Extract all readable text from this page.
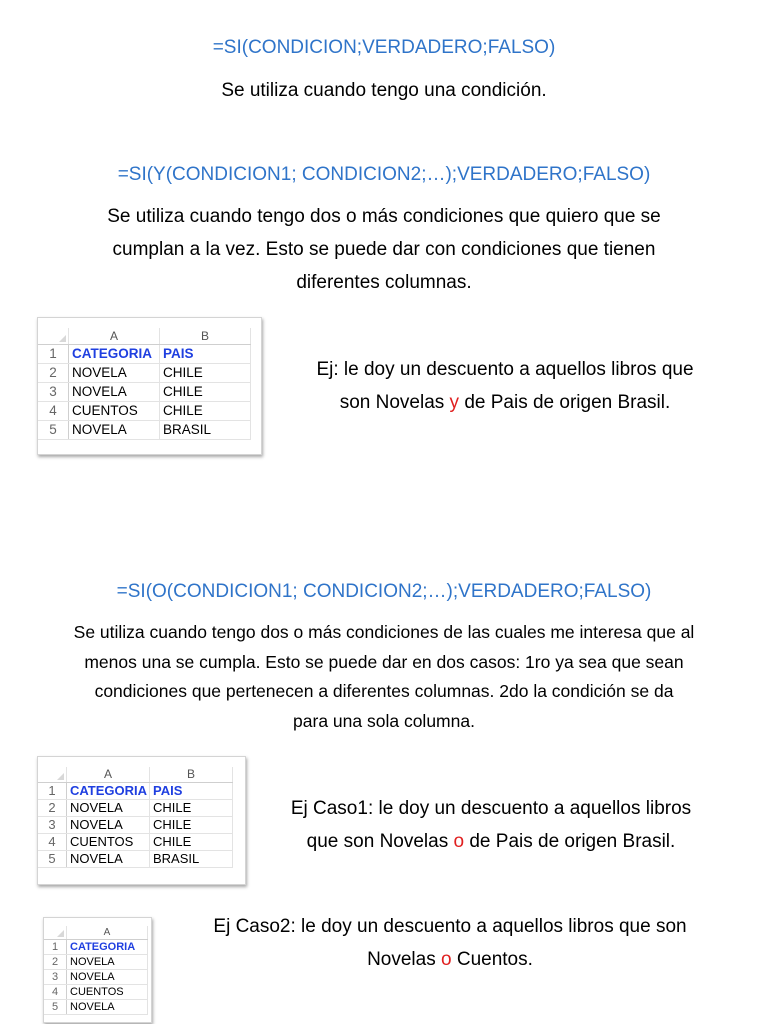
=SI(CONDICION;VERDADERO;FALSO)
Se utiliza cuando tengo una condición.
=SI(Y(CONDICION1; CONDICION2;…);VERDADERO;FALSO)
Se utiliza cuando tengo dos o más condiciones que quiero que se
cumplan a la vez. Esto se puede dar con condiciones que tienen
diferentes columnas.
	A	B
1	CATEGORIA	PAIS
2	NOVELA	CHILE
3	NOVELA	CHILE
4	CUENTOS	CHILE
5	NOVELA	BRASIL
Ej: le doy un descuento a aquellos libros que
son Novelas y de Pais de origen Brasil.
=SI(O(CONDICION1; CONDICION2;…);VERDADERO;FALSO)
Se utiliza cuando tengo dos o más condiciones de las cuales me interesa que al
menos una se cumpla. Esto se puede dar en dos casos: 1ro ya sea que sean
condiciones que pertenecen a diferentes columnas. 2do la condición se da
para una sola columna.
	A	B
1	CATEGORIA	PAIS
2	NOVELA	CHILE
3	NOVELA	CHILE
4	CUENTOS	CHILE
5	NOVELA	BRASIL
Ej Caso1: le doy un descuento a aquellos libros
que son Novelas o de Pais de origen Brasil.
	A
1	CATEGORIA
2	NOVELA
3	NOVELA
4	CUENTOS
5	NOVELA
Ej Caso2: le doy un descuento a aquellos libros que son
Novelas o Cuentos.
